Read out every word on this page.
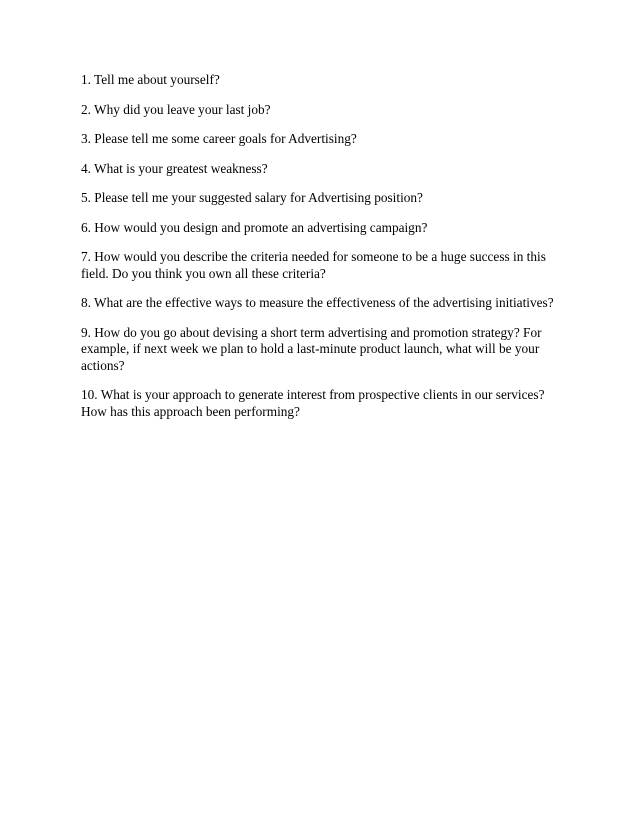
1. Tell me about yourself?
2. Why did you leave your last job?
3. Please tell me some career goals for Advertising?
4. What is your greatest weakness?
5. Please tell me your suggested salary for Advertising position?
6. How would you design and promote an advertising campaign?
7. How would you describe the criteria needed for someone to be a huge success in this field. Do you think you own all these criteria?
8. What are the effective ways to measure the effectiveness of the advertising initiatives?
9. How do you go about devising a short term advertising and promotion strategy? For example, if next week we plan to hold a last-minute product launch, what will be your actions?
10. What is your approach to generate interest from prospective clients in our services? How has this approach been performing?
